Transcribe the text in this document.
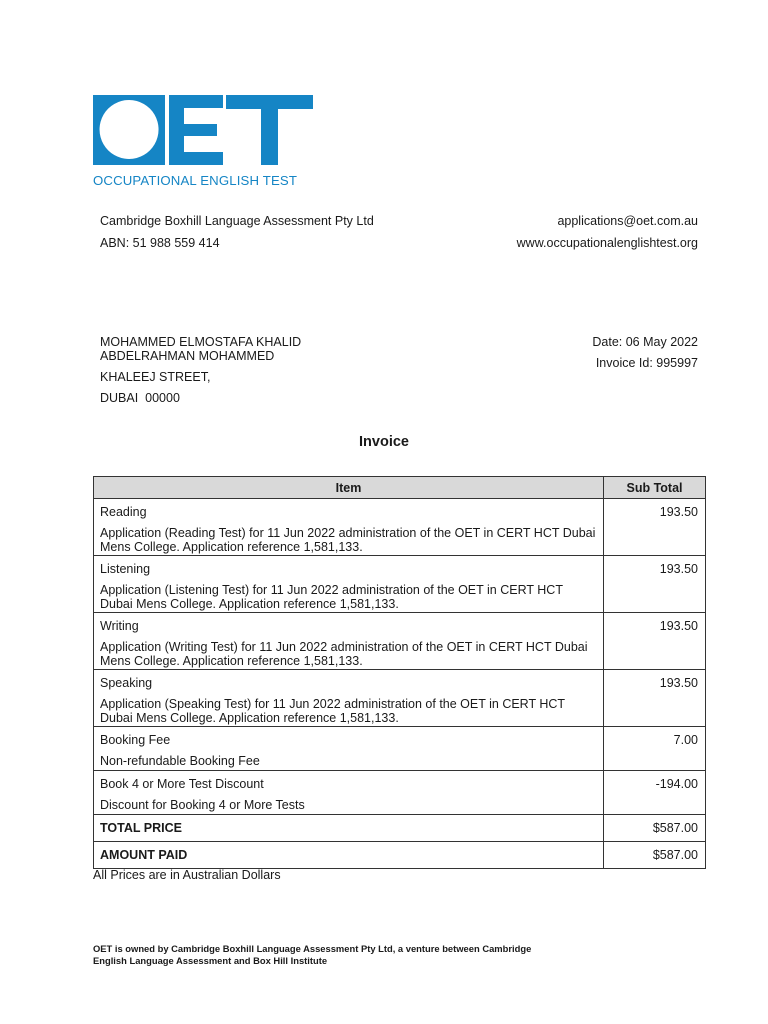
OCCUPATIONAL ENGLISH TEST
Cambridge Boxhill Language Assessment Pty Ltd
ABN: 51 988 559 414
applications@oet.com.au
www.occupationalenglishtest.org
MOHAMMED ELMOSTAFA KHALID
ABDELRAHMAN MOHAMMED
KHALEEJ STREET,
DUBAI  00000
Date: 06 May 2022
Invoice Id: 995997
Invoice
Item	Sub Total

Reading
Application (Reading Test) for 11 Jun 2022 administration of the OET in CERT HCT Dubai Mens College. Application reference 1,581,133.	193.50

Listening
Application (Listening Test) for 11 Jun 2022 administration of the OET in CERT HCT Dubai Mens College. Application reference 1,581,133.	193.50

Writing
Application (Writing Test) for 11 Jun 2022 administration of the OET in CERT HCT Dubai Mens College. Application reference 1,581,133.	193.50

Speaking
Application (Speaking Test) for 11 Jun 2022 administration of the OET in CERT HCT Dubai Mens College. Application reference 1,581,133.	193.50

Booking Fee
Non-refundable Booking Fee	7.00

Book 4 or More Test Discount
Discount for Booking 4 or More Tests	-194.00
TOTAL PRICE	$587.00
AMOUNT PAID	$587.00
All Prices are in Australian Dollars
OET is owned by Cambridge Boxhill Language Assessment Pty Ltd, a venture between Cambridge
English Language Assessment and Box Hill Institute
